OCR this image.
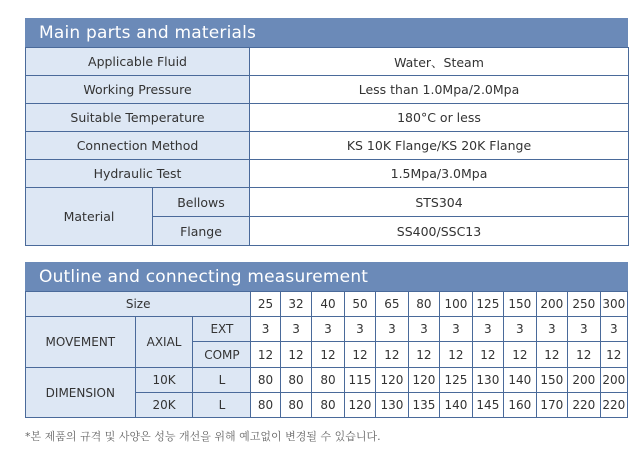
Main parts and materials
Applicable Fluid		Water、Steam
Working Pressure		Less than 1.0Mpa/2.0Mpa
Suitable Temperature		180°C or less
Connection Method		KS 10K Flange/KS 20K Flange
Hydraulic Test		1.5Mpa/3.0Mpa
Material	Bellows	STS304
	Flange	SS400/SSC13
Outline and connecting measurement
Size			25	32	40	50	65	80	100	125	150	200	250	300
MOVEMENT	AXIAL	EXT	3	3	3	3	3	3	3	3	3	3	3	3
		COMP	12	12	12	12	12	12	12	12	12	12	12	12
DIMENSION	10K	L	80	80	80	115	120	120	125	130	140	150	200	200
	20K	L	80	80	80	120	130	135	140	145	160	170	220	220
*본 제품의 규격 및 사양은 성능 개선을 위해 예고없이 변경될 수 있습니다.
